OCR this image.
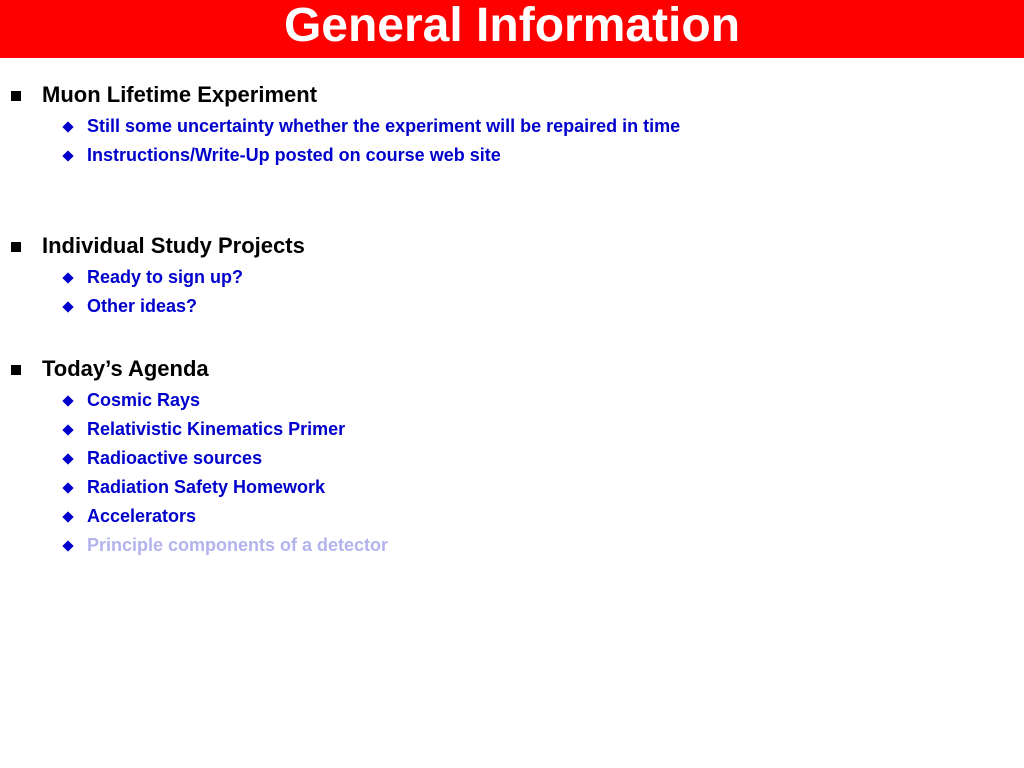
General Information
Muon Lifetime Experiment
Still some uncertainty whether the experiment will be repaired in time
Instructions/Write-Up posted on course web site
Individual Study Projects
Ready to sign up?
Other ideas?
Today’s Agenda
Cosmic Rays
Relativistic Kinematics Primer
Radioactive sources
Radiation Safety Homework
Accelerators
Principle components of a detector
